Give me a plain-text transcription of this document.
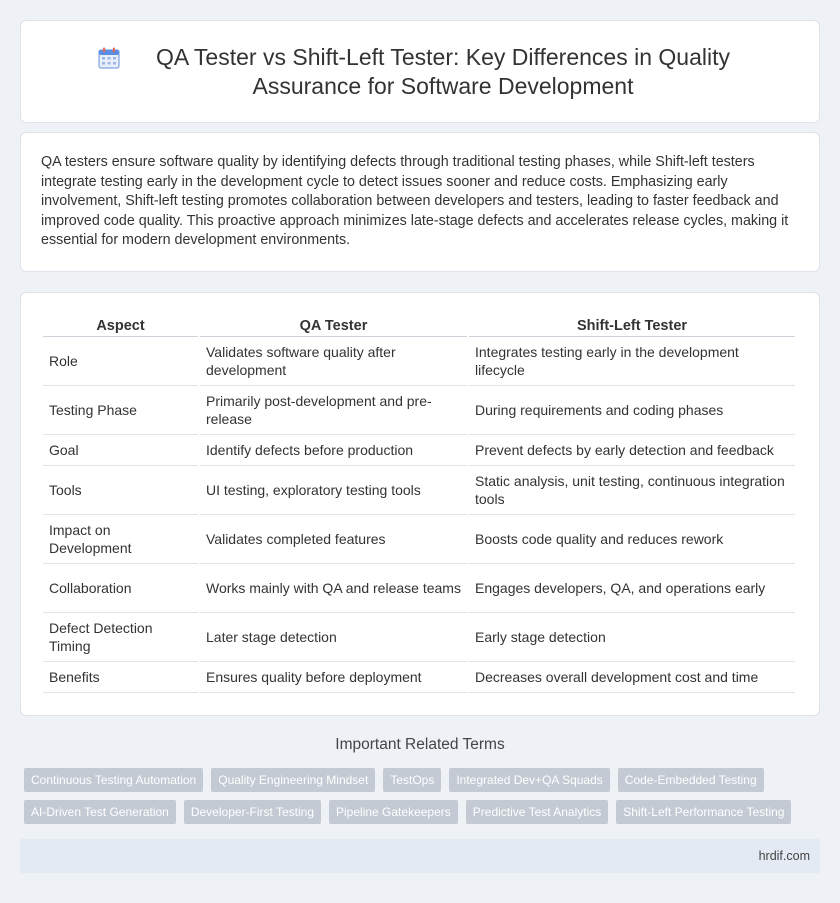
QA Tester vs Shift-Left Tester: Key Differences in Quality Assurance for Software Development

QA testers ensure software quality by identifying defects through traditional testing phases, while Shift-left testers integrate testing early in the development cycle to detect issues sooner and reduce costs. Emphasizing early involvement, Shift-left testing promotes collaboration between developers and testers, leading to faster feedback and improved code quality. This proactive approach minimizes late-stage defects and accelerates release cycles, making it essential for modern development environments.

Aspect	QA Tester	Shift-Left Tester
Role	Validates software quality after development	Integrates testing early in the development lifecycle
Testing Phase	Primarily post-development and pre-release	During requirements and coding phases
Goal	Identify defects before production	Prevent defects by early detection and feedback
Tools	UI testing, exploratory testing tools	Static analysis, unit testing, continuous integration tools
Impact on Development	Validates completed features	Boosts code quality and reduces rework
Collaboration	Works mainly with QA and release teams	Engages developers, QA, and operations early
Defect Detection Timing	Later stage detection	Early stage detection
Benefits	Ensures quality before deployment	Decreases overall development cost and time
Important Related Terms
Continuous Testing Automation	Quality Engineering Mindset	TestOps	Integrated Dev+QA Squads	Code-Embedded Testing
AI-Driven Test Generation	Developer-First Testing	Pipeline Gatekeepers	Predictive Test Analytics	Shift-Left Performance Testing
hrdif.com
